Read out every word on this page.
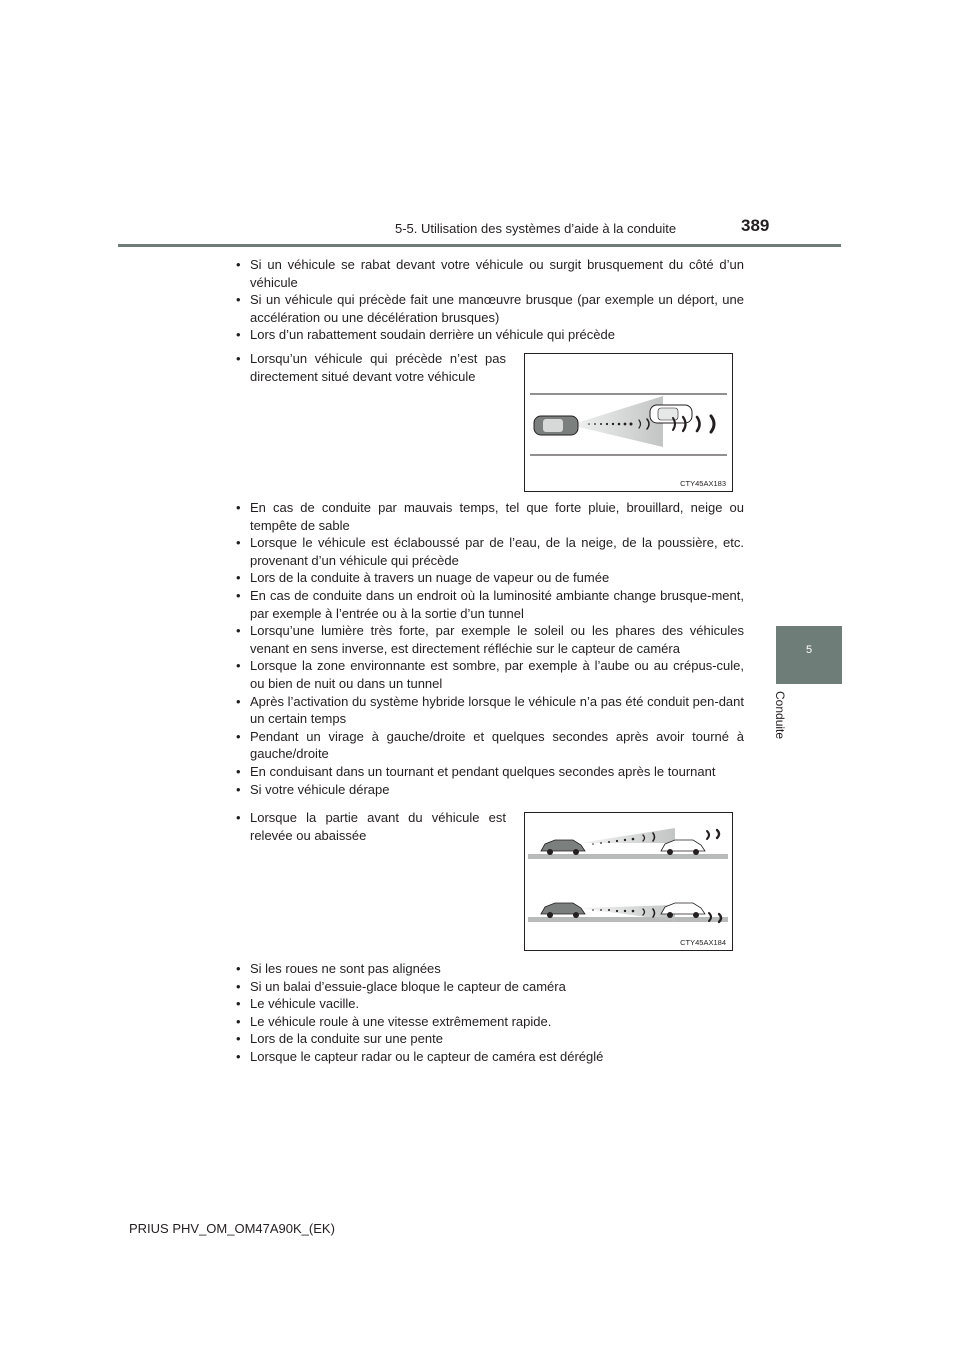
5-5. Utilisation des systèmes d’aide à la conduite	389
5
Conduite
• Si un véhicule se rabat devant votre véhicule ou surgit brusquement du côté d’un véhicule
• Si un véhicule qui précède fait une manœuvre brusque (par exemple un déport, une accélération ou une décélération brusques)
• Lors d’un rabattement soudain derrière un véhicule qui précède
• Lorsqu’un véhicule qui précède n’est pas directement situé devant votre véhicule
CTY45AX183
• En cas de conduite par mauvais temps, tel que forte pluie, brouillard, neige ou tempête de sable
• Lorsque le véhicule est éclaboussé par de l’eau, de la neige, de la poussière, etc. provenant d’un véhicule qui précède
• Lors de la conduite à travers un nuage de vapeur ou de fumée
• En cas de conduite dans un endroit où la luminosité ambiante change brusque-ment, par exemple à l’entrée ou à la sortie d’un tunnel
• Lorsqu’une lumière très forte, par exemple le soleil ou les phares des véhicules venant en sens inverse, est directement réfléchie sur le capteur de caméra
• Lorsque la zone environnante est sombre, par exemple à l’aube ou au crépus-cule, ou bien de nuit ou dans un tunnel
• Après l’activation du système hybride lorsque le véhicule n’a pas été conduit pen-dant un certain temps
• Pendant un virage à gauche/droite et quelques secondes après avoir tourné à gauche/droite
• En conduisant dans un tournant et pendant quelques secondes après le tournant
• Si votre véhicule dérape
• Lorsque la partie avant du véhicule est relevée ou abaissée
CTY45AX184
• Si les roues ne sont pas alignées
• Si un balai d’essuie-glace bloque le capteur de caméra
• Le véhicule vacille.
• Le véhicule roule à une vitesse extrêmement rapide.
• Lors de la conduite sur une pente
• Lorsque le capteur radar ou le capteur de caméra est déréglé
PRIUS PHV_OM_OM47A90K_(EK)
